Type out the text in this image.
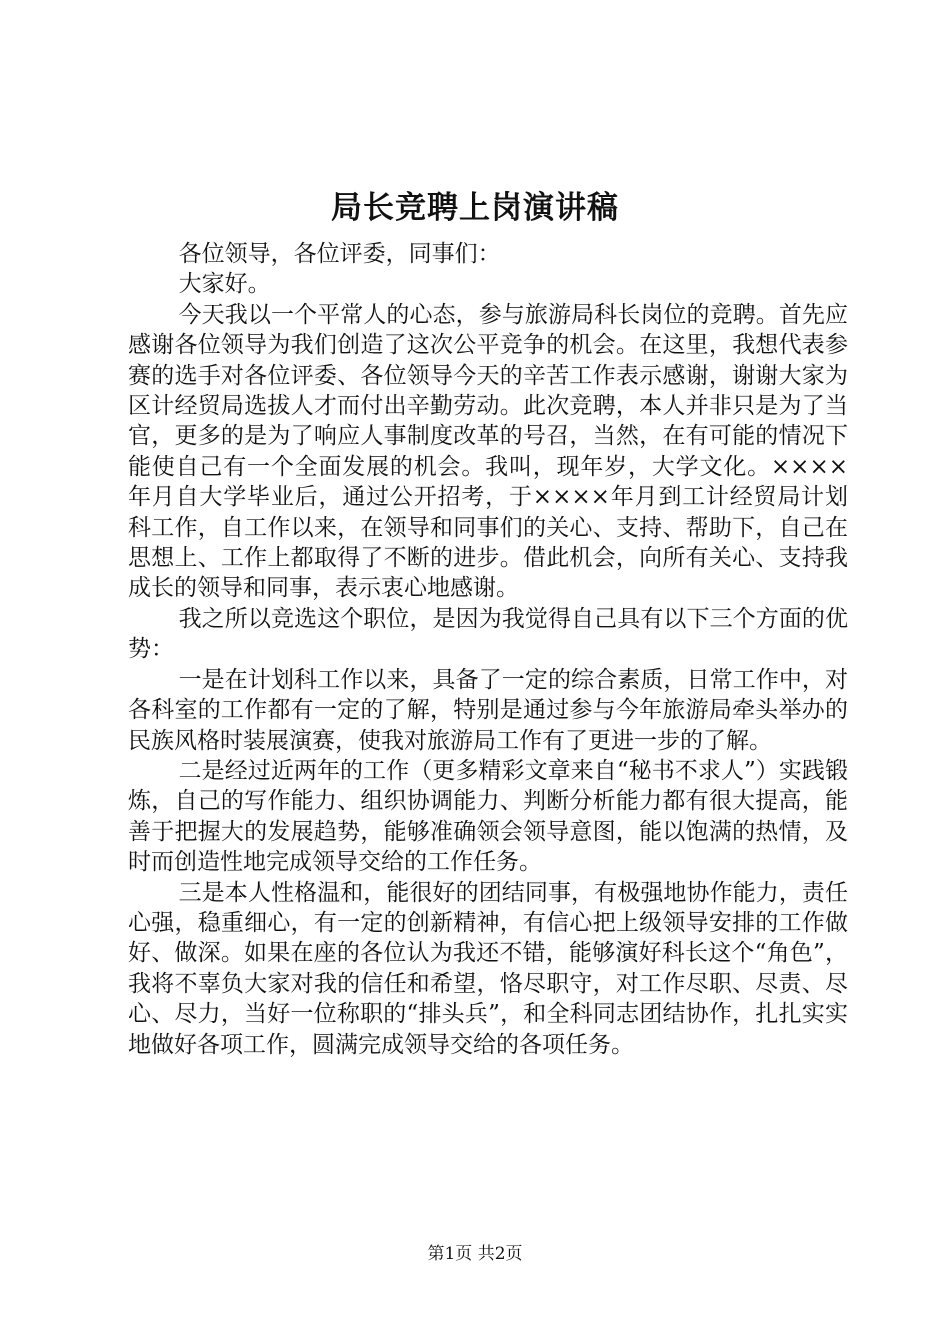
局长竞聘上岗演讲稿

各位领导，各位评委，同事们：

大家好。

今天我以一个平常人的心态，参与旅游局科长岗位的竞聘。首先应感谢各位领导为我们创造了这次公平竞争的机会。在这里，我想代表参赛的选手对各位评委、各位领导今天的辛苦工作表示感谢，谢谢大家为区计经贸局选拔人才而付出辛勤劳动。此次竞聘，本人并非只是为了当官，更多的是为了响应人事制度改革的号召，当然，在有可能的情况下能使自己有一个全面发展的机会。我叫，现年岁，大学文化。××××年月自大学毕业后，通过公开招考，于××××年月到工计经贸局计划科工作，自工作以来，在领导和同事们的关心、支持、帮助下，自己在思想上、工作上都取得了不断的进步。借此机会，向所有关心、支持我成长的领导和同事，表示衷心地感谢。

我之所以竞选这个职位，是因为我觉得自己具有以下三个方面的优势：

一是在计划科工作以来，具备了一定的综合素质，日常工作中，对各科室的工作都有一定的了解，特别是通过参与今年旅游局牵头举办的民族风格时装展演赛，使我对旅游局工作有了更进一步的了解。

二是经过近两年的工作（更多精彩文章来自“秘书不求人”）实践锻炼，自己的写作能力、组织协调能力、判断分析能力都有很大提高，能善于把握大的发展趋势，能够准确领会领导意图，能以饱满的热情，及时而创造性地完成领导交给的工作任务。

三是本人性格温和，能很好的团结同事，有极强地协作能力，责任心强，稳重细心，有一定的创新精神，有信心把上级领导安排的工作做好、做深。如果在座的各位认为我还不错，能够演好科长这个“角色”，我将不辜负大家对我的信任和希望，恪尽职守，对工作尽职、尽责、尽心、尽力，当好一位称职的“排头兵”，和全科同志团结协作，扎扎实实地做好各项工作，圆满完成领导交给的各项任务。

第1页 共2页
